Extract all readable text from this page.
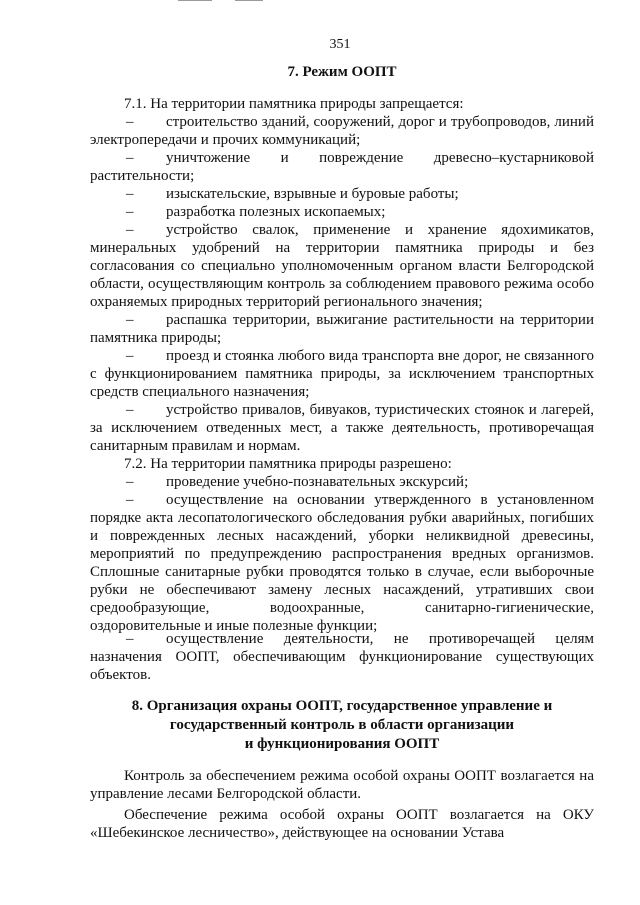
351
7. Режим ООПТ

7.1. На территории памятника природы запрещается:

– строительство зданий, сооружений, дорог и трубопроводов, линий электропередачи и прочих коммуникаций;

– уничтожение и повреждение древесно–кустарниковой растительности;

– изыскательские, взрывные и буровые работы;

– разработка полезных ископаемых;

– устройство свалок, применение и хранение ядохимикатов, минеральных удобрений на территории памятника природы и без согласования со специально уполномоченным органом власти Белгородской области, осуществляющим контроль за соблюдением правового режима особо охраняемых природных территорий регионального значения;

– распашка территории, выжигание растительности на территории памятника природы;

– проезд и стоянка любого вида транспорта вне дорог, не связанного с функционированием памятника природы, за исключением транспортных средств специального назначения;

– устройство привалов, бивуаков, туристических стоянок и лагерей, за исключением отведенных мест, а также деятельность, противоречащая санитарным правилам и нормам.

7.2. На территории памятника природы разрешено:

– проведение учебно-познавательных экскурсий;

– осуществление на основании утвержденного в установленном порядке акта лесопатологического обследования рубки аварийных, погибших и поврежденных лесных насаждений, уборки неликвидной древесины, мероприятий по предупреждению распространения вредных организмов. Сплошные санитарные рубки проводятся только в случае, если выборочные рубки не обеспечивают замену лесных насаждений, утративших свои средообразующие, водоохранные, санитарно-гигиенические, оздоровительные и иные полезные функции;

– осуществление деятельности, не противоречащей целям назначения ООПТ, обеспечивающим функционирование существующих объектов.

8. Организация охраны ООПТ, государственное управление и
государственный контроль в области организации
и функционирования ООПТ

Контроль за обеспечением режима особой охраны ООПТ возлагается на управление лесами Белгородской области.

Обеспечение режима особой охраны ООПТ возлагается на ОКУ «Шебекинское лесничество», действующее на основании Устава
